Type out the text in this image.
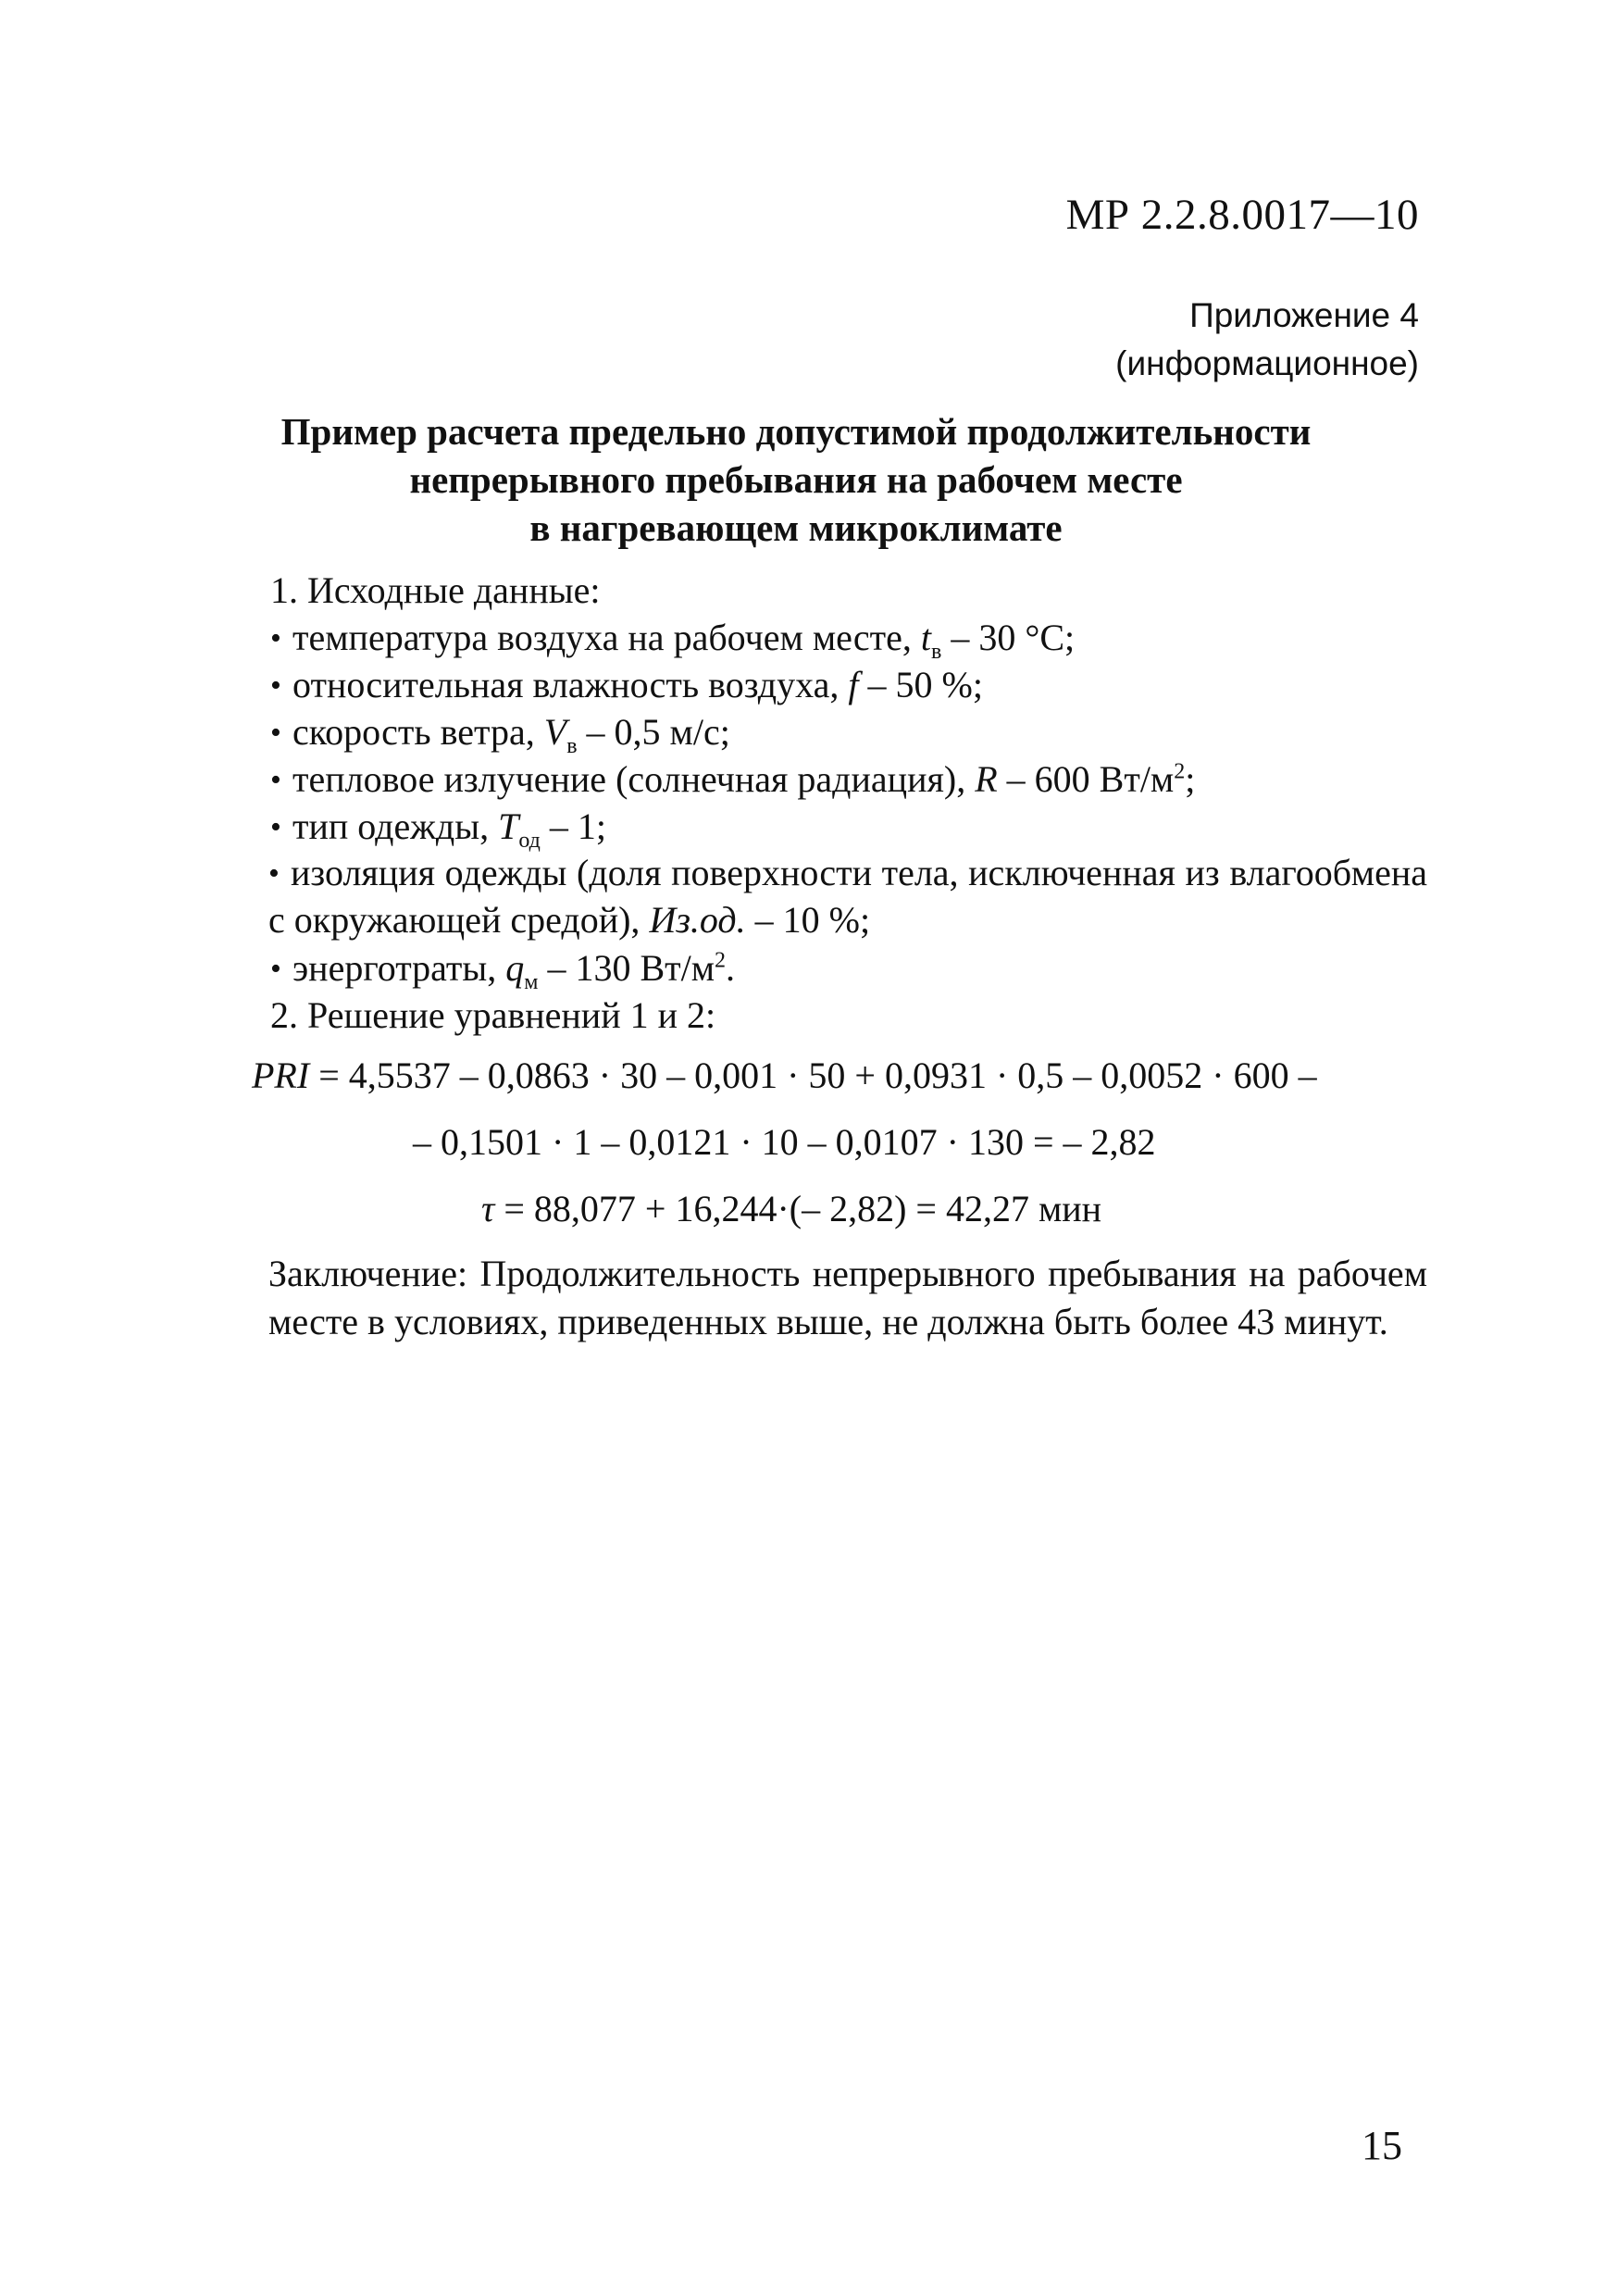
МР 2.2.8.0017—10
Приложение 4
(информационное)
Пример расчета предельно допустимой продолжительности
непрерывного пребывания на рабочем месте
в нагревающем микроклимате
1. Исходные данные:
• температура воздуха на рабочем месте, $t_в - 30$ °С;
• относительная влажность воздуха, f – 50 %;
• скорость ветра, $V_в - 0,5$ м/с;
• тепловое излучение (солнечная радиация), R – 600 $Вт/м^2$;
• тип одежды, $T_{од} - 1$;
• изоляция одежды (доля поверхности тела, исключенная из влагообмена с окружающей средой), Из.од. – 10 %;
• энерготраты, $q_м - 130$ $Вт/м^2$.
2. Решение уравнений 1 и 2:
PRI = 4,5537 – 0,0863 · 30 – 0,001 · 50 + 0,0931 · 0,5 – 0,0052 · 600 –
– 0,1501 · 1 – 0,0121 · 10 – 0,0107 · 130 = – 2,82
τ = 88,077 + 16,244·(– 2,82) = 42,27 мин
Заключение: Продолжительность непрерывного пребывания на рабочем месте в условиях, приведенных выше, не должна быть более 43 минут.
15
